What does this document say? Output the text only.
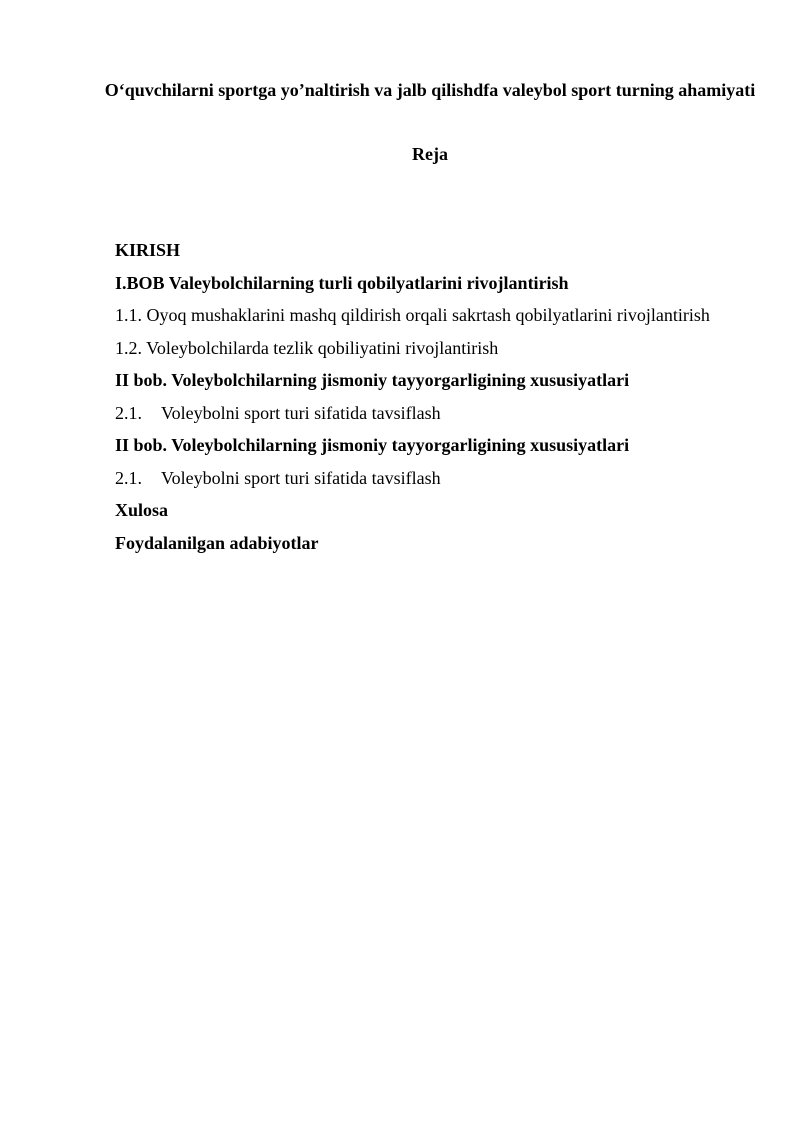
O‘quvchilarni sportga yo’naltirish va jalb qilishdfa valeybol sport turning ahamiyati
Reja
KIRISH
I.BOB Valeybolchilarning turli qobilyatlarini rivojlantirish
1.1. Oyoq mushaklarini mashq qildirish orqali sakrtash qobilyatlarini rivojlantirish
1.2. Voleybolchilarda tezlik qobiliyatini rivojlantirish
II bob. Voleybolchilarning jismoniy tayyorgarligining xususiyatlari
2.1. Voleybolni sport turi sifatida tavsiflash
II bob. Voleybolchilarning jismoniy tayyorgarligining xususiyatlari
2.1. Voleybolni sport turi sifatida tavsiflash
Xulosa
Foydalanilgan adabiyotlar
